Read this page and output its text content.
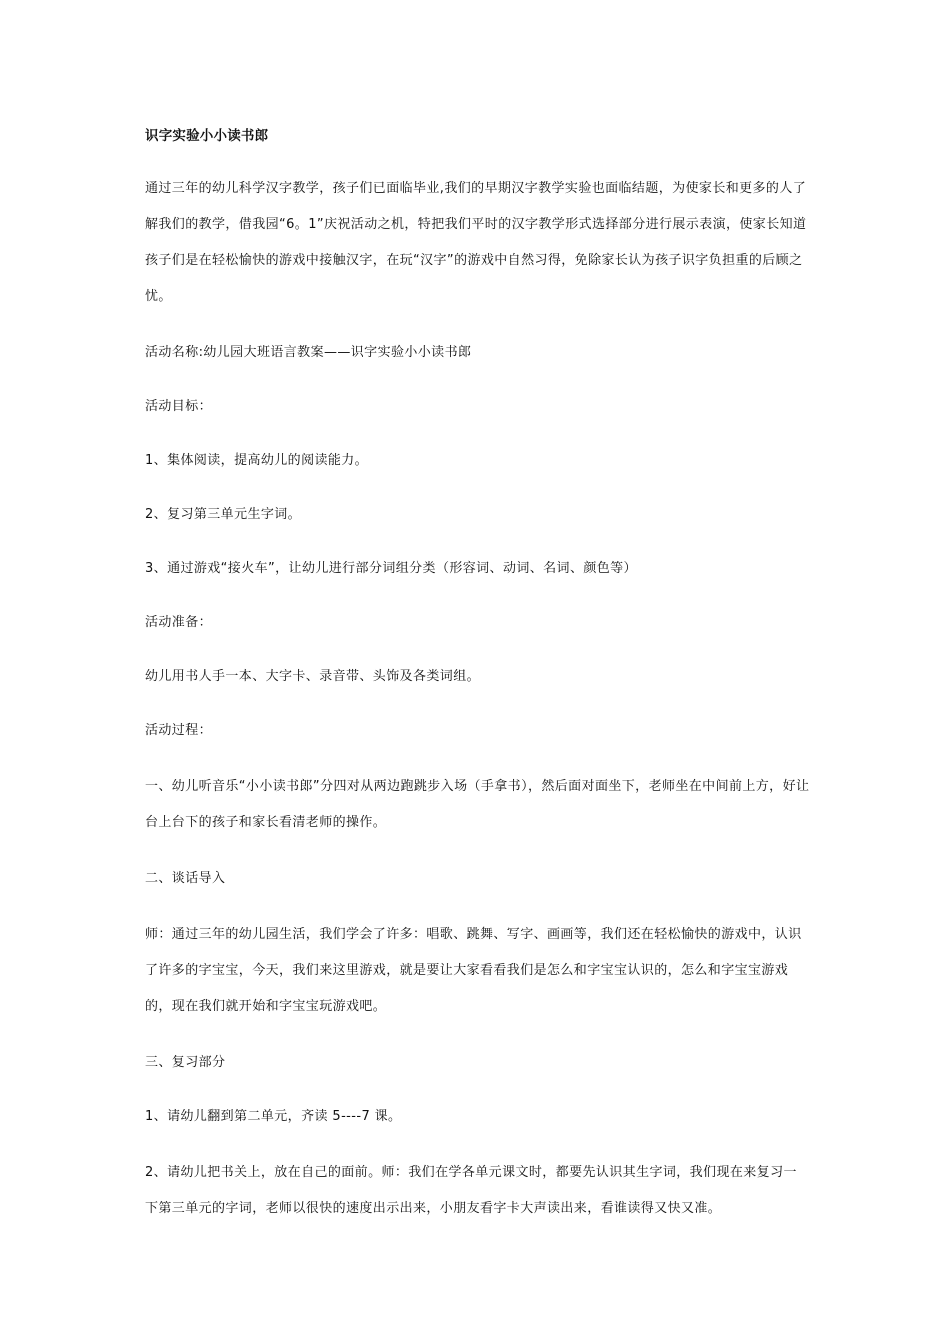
识字实验小小读书郎

通过三年的幼儿科学汉字教学，孩子们已面临毕业,我们的早期汉字教学实验也面临结题，为使家长和更多的人了解我们的教学，借我园“6。1”庆祝活动之机，特把我们平时的汉字教学形式选择部分进行展示表演，使家长知道孩子们是在轻松愉快的游戏中接触汉字，在玩“汉字”的游戏中自然习得，免除家长认为孩子识字负担重的后顾之忧。

活动名称:幼儿园大班语言教案——识字实验小小读书郎

活动目标：

1、集体阅读，提高幼儿的阅读能力。

2、复习第三单元生字词。

3、通过游戏“接火车”，让幼儿进行部分词组分类（形容词、动词、名词、颜色等）

活动准备：

幼儿用书人手一本、大字卡、录音带、头饰及各类词组。

活动过程：

一、幼儿听音乐“小小读书郎”分四对从两边跑跳步入场（手拿书），然后面对面坐下，老师坐在中间前上方，好让台上台下的孩子和家长看清老师的操作。

二、谈话导入

师：通过三年的幼儿园生活，我们学会了许多：唱歌、跳舞、写字、画画等，我们还在轻松愉快的游戏中，认识了许多的字宝宝，今天，我们来这里游戏，就是要让大家看看我们是怎么和字宝宝认识的，怎么和字宝宝游戏的，现在我们就开始和字宝宝玩游戏吧。

三、复习部分

1、请幼儿翻到第二单元，齐读 5----7 课。

2、请幼儿把书关上，放在自己的面前。师：我们在学各单元课文时，都要先认识其生字词，我们现在来复习一下第三单元的字词，老师以很快的速度出示出来，小朋友看字卡大声读出来，看谁读得又快又准。
